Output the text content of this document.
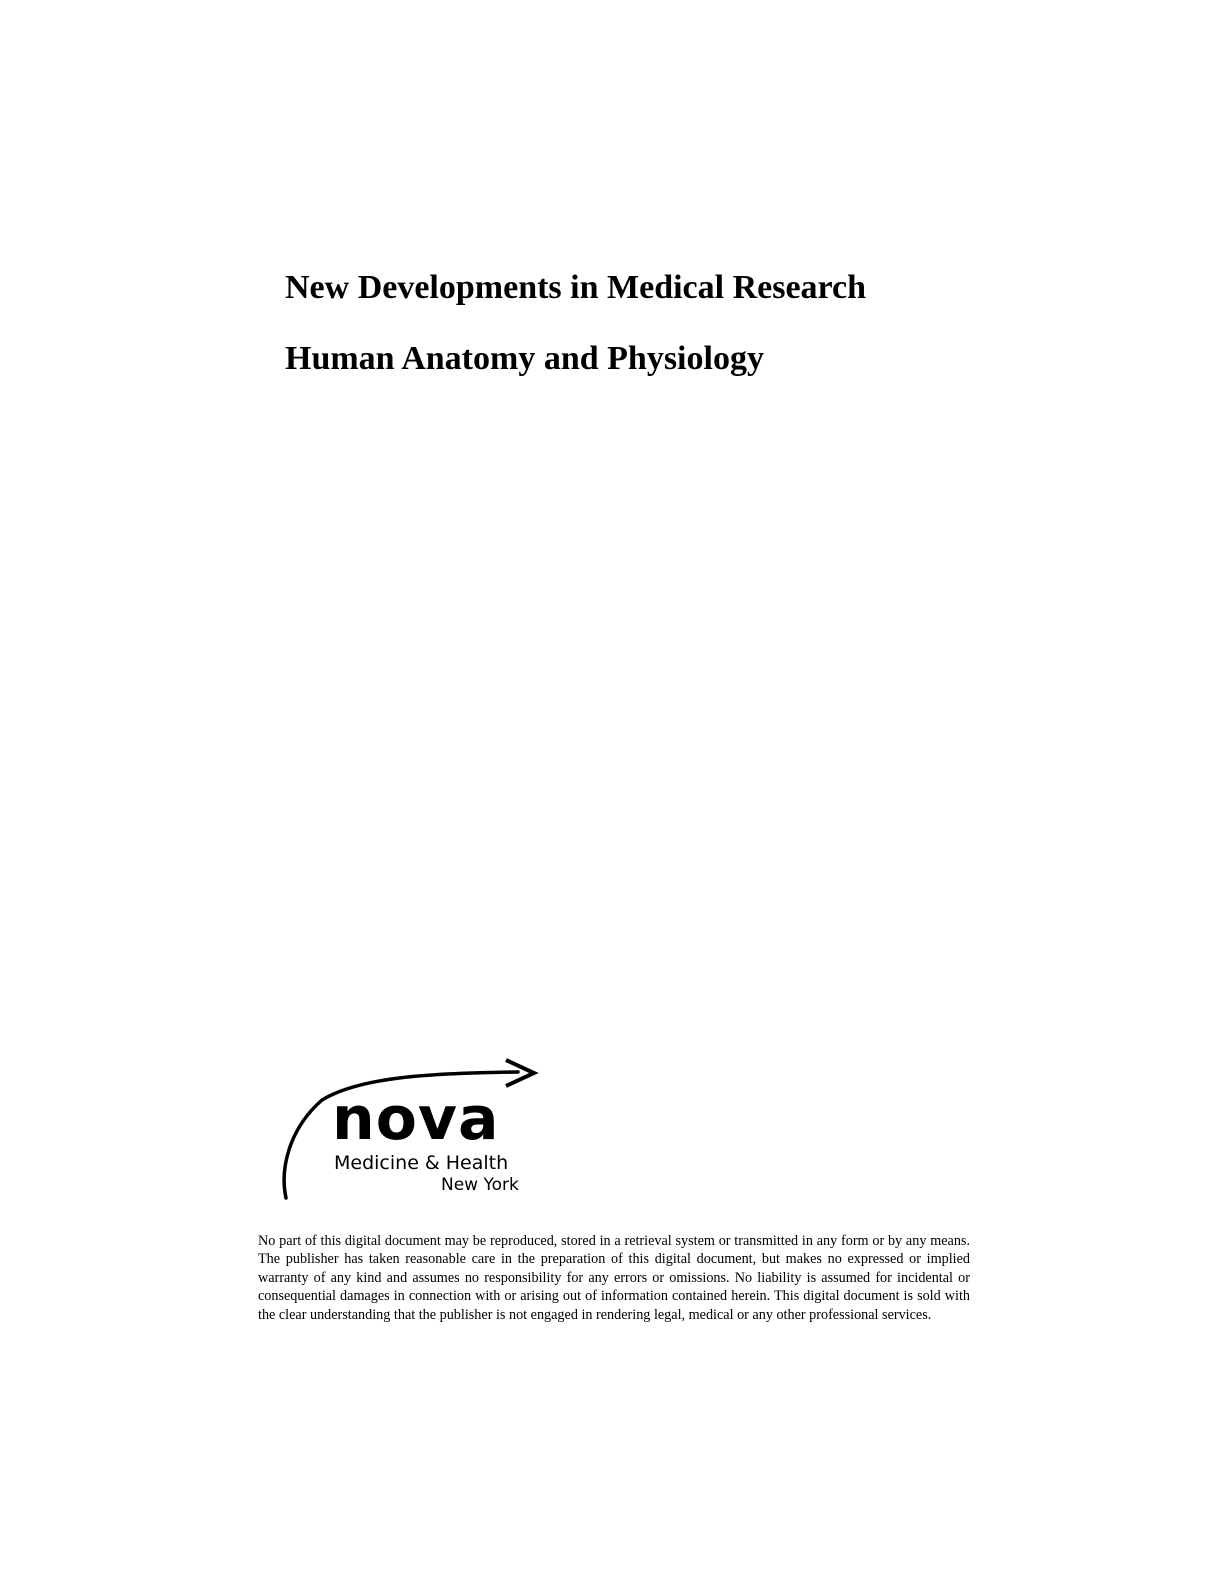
New Developments in Medical Research
Human Anatomy and Physiology
nova
Medicine & Health
New York

No part of this digital document may be reproduced, stored in a retrieval system or transmitted in any form or by any means. The publisher has taken reasonable care in the preparation of this digital document, but makes no expressed or implied warranty of any kind and assumes no responsibility for any errors or omissions. No liability is assumed for incidental or consequential damages in connection with or arising out of information contained herein. This digital document is sold with the clear understanding that the publisher is not engaged in rendering legal, medical or any other professional services.
